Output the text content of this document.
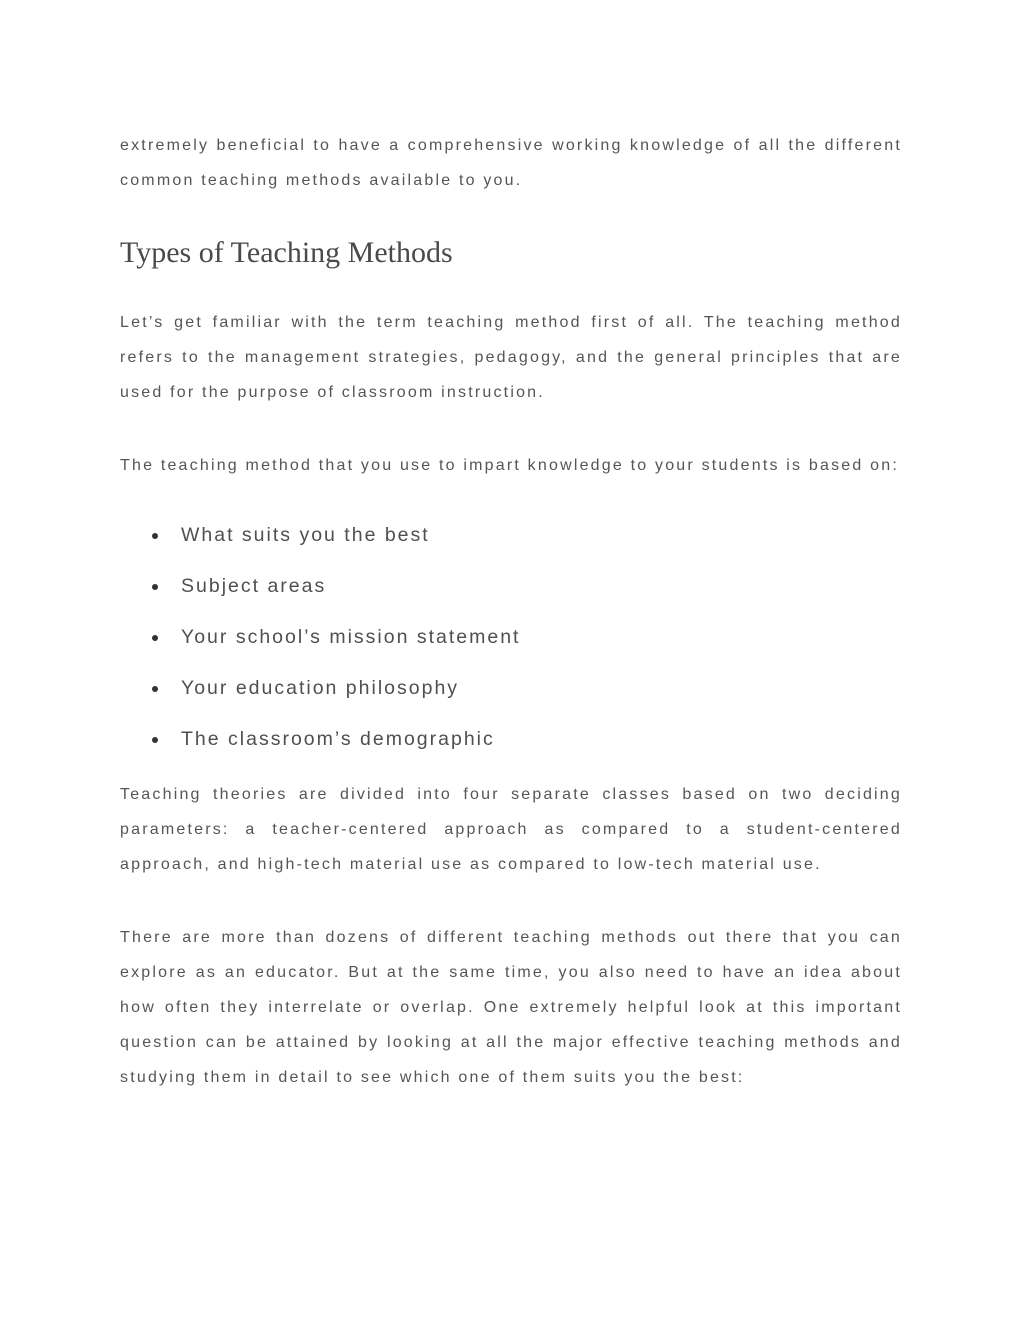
extremely beneficial to have a comprehensive working knowledge of all the different common teaching methods available to you.

Types of Teaching Methods

Let’s get familiar with the term teaching method first of all. The teaching method refers to the management strategies, pedagogy, and the general principles that are used for the purpose of classroom instruction.

The teaching method that you use to impart knowledge to your students is based on:

What suits you the best
Subject areas
Your school’s mission statement
Your education philosophy
The classroom’s demographic

Teaching theories are divided into four separate classes based on two deciding parameters: a teacher-centered approach as compared to a student-centered approach, and high-tech material use as compared to low-tech material use.

There are more than dozens of different teaching methods out there that you can explore as an educator. But at the same time, you also need to have an idea about how often they interrelate or overlap. One extremely helpful look at this important question can be attained by looking at all the major effective teaching methods and studying them in detail to see which one of them suits you the best:
